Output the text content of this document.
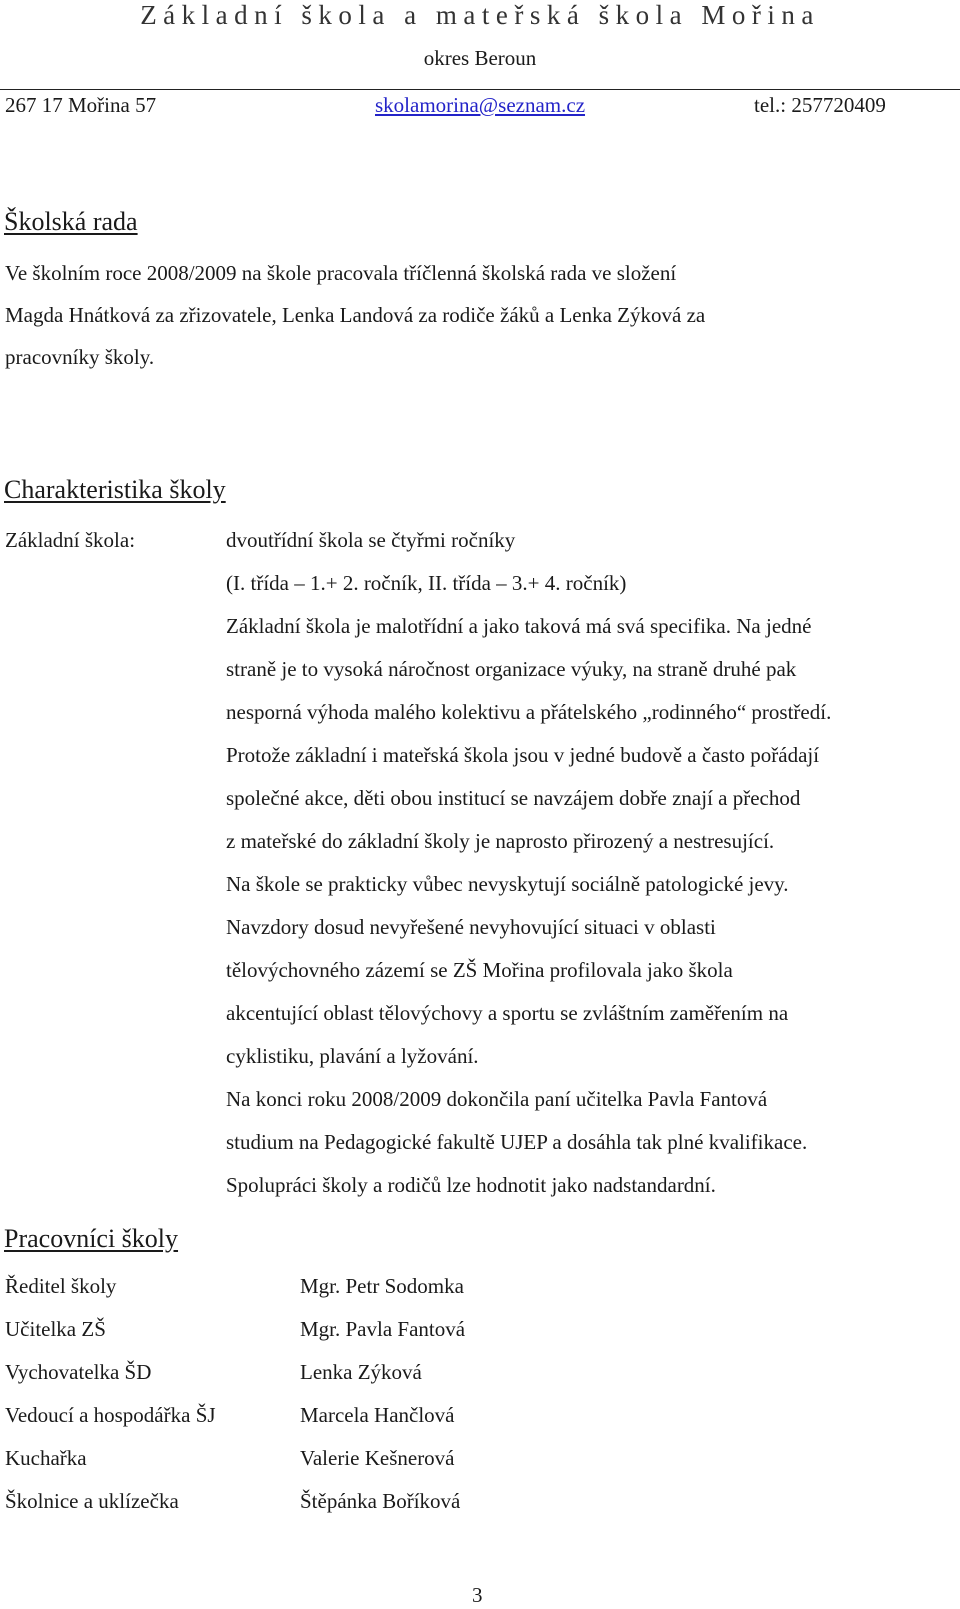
Základní škola a mateřská škola Mořina
okres Beroun
267 17 Mořina 57	skolamorina@seznam.cz	tel.: 257720409
Školská rada
Ve školním roce 2008/2009 na škole pracovala tříčlenná školská rada ve složení
Magda Hnátková za zřizovatele, Lenka Landová za rodiče žáků a Lenka Zýková za
pracovníky školy.
Charakteristika školy
Základní škola:	dvoutřídní škola se čtyřmi ročníky
(I. třída – 1.+ 2. ročník, II. třída – 3.+ 4. ročník)
Základní škola je malotřídní a jako taková má svá specifika. Na jedné
straně je to vysoká náročnost organizace výuky, na straně druhé pak
nesporná výhoda malého kolektivu a přátelského „rodinného“ prostředí.
Protože základní i mateřská škola jsou v jedné budově a často pořádají
společné akce, děti obou institucí se navzájem dobře znají a přechod
z mateřské do základní školy je naprosto přirozený a nestresující.
Na škole se prakticky vůbec nevyskytují sociálně patologické jevy.
Navzdory dosud nevyřešené nevyhovující situaci v oblasti
tělovýchovného zázemí se ZŠ Mořina profilovala jako škola
akcentující oblast tělovýchovy a sportu se zvláštním zaměřením na
cyklistiku, plavání a lyžování.
Na konci roku 2008/2009 dokončila paní učitelka Pavla Fantová
studium na Pedagogické fakultě UJEP a dosáhla tak plné kvalifikace.
Spolupráci školy a rodičů lze hodnotit jako nadstandardní.
Pracovníci školy
Ředitel školy	Mgr. Petr Sodomka
Učitelka ZŠ	Mgr. Pavla Fantová
Vychovatelka ŠD	Lenka Zýková
Vedoucí a hospodářka ŠJ	Marcela Hančlová
Kuchařka	Valerie Kešnerová
Školnice a uklízečka	Štěpánka Boříková
3
